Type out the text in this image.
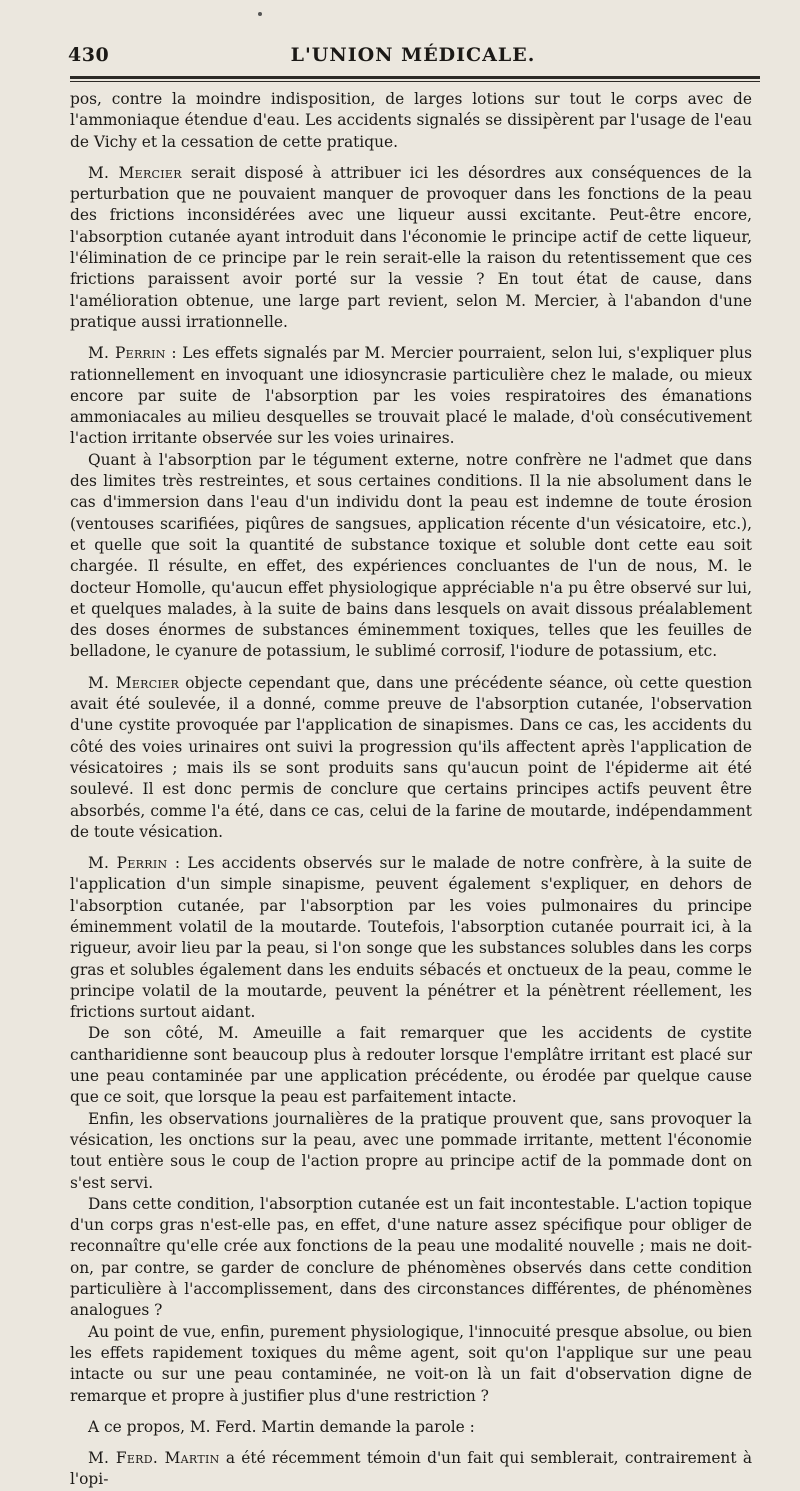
430	L'UNION MÉDICALE.

pos, contre la moindre indisposition, de larges lotions sur tout le corps avec de l'ammoniaque étendue d'eau. Les accidents signalés se dissipèrent par l'usage de l'eau de Vichy et la cessation de cette pratique.

M. Mercier serait disposé à attribuer ici les désordres aux conséquences de la perturbation que ne pouvaient manquer de provoquer dans les fonctions de la peau des frictions inconsidérées avec une liqueur aussi excitante. Peut-être encore, l'absorption cutanée ayant introduit dans l'économie le principe actif de cette liqueur, l'élimination de ce principe par le rein serait-elle la raison du retentissement que ces frictions paraissent avoir porté sur la vessie ? En tout état de cause, dans l'amélioration obtenue, une large part revient, selon M. Mercier, à l'abandon d'une pratique aussi irrationnelle.

M. Perrin : Les effets signalés par M. Mercier pourraient, selon lui, s'expliquer plus rationnellement en invoquant une idiosyncrasie particulière chez le malade, ou mieux encore par suite de l'absorption par les voies respiratoires des émanations ammoniacales au milieu desquelles se trouvait placé le malade, d'où consécutivement l'action irritante observée sur les voies urinaires.

Quant à l'absorption par le tégument externe, notre confrère ne l'admet que dans des limites très restreintes, et sous certaines conditions. Il la nie absolument dans le cas d'immersion dans l'eau d'un individu dont la peau est indemne de toute érosion (ventouses scarifiées, piqûres de sangsues, application récente d'un vésicatoire, etc.), et quelle que soit la quantité de substance toxique et soluble dont cette eau soit chargée. Il résulte, en effet, des expériences concluantes de l'un de nous, M. le docteur Homolle, qu'aucun effet physiologique appréciable n'a pu être observé sur lui, et quelques malades, à la suite de bains dans lesquels on avait dissous préalablement des doses énormes de substances éminemment toxiques, telles que les feuilles de belladone, le cyanure de potassium, le sublimé corrosif, l'iodure de potassium, etc.

M. Mercier objecte cependant que, dans une précédente séance, où cette question avait été soulevée, il a donné, comme preuve de l'absorption cutanée, l'observation d'une cystite provoquée par l'application de sinapismes. Dans ce cas, les accidents du côté des voies urinaires ont suivi la progression qu'ils affectent après l'application de vésicatoires ; mais ils se sont produits sans qu'aucun point de l'épiderme ait été soulevé. Il est donc permis de conclure que certains principes actifs peuvent être absorbés, comme l'a été, dans ce cas, celui de la farine de moutarde, indépendamment de toute vésication.

M. Perrin : Les accidents observés sur le malade de notre confrère, à la suite de l'application d'un simple sinapisme, peuvent également s'expliquer, en dehors de l'absorption cutanée, par l'absorption par les voies pulmonaires du principe éminemment volatil de la moutarde. Toutefois, l'absorption cutanée pourrait ici, à la rigueur, avoir lieu par la peau, si l'on songe que les substances solubles dans les corps gras et solubles également dans les enduits sébacés et onctueux de la peau, comme le principe volatil de la moutarde, peuvent la pénétrer et la pénètrent réellement, les frictions surtout aidant.

De son côté, M. Ameuille a fait remarquer que les accidents de cystite cantharidienne sont beaucoup plus à redouter lorsque l'emplâtre irritant est placé sur une peau contaminée par une application précédente, ou érodée par quelque cause que ce soit, que lorsque la peau est parfaitement intacte.

Enfin, les observations journalières de la pratique prouvent que, sans provoquer la vésication, les onctions sur la peau, avec une pommade irritante, mettent l'économie tout entière sous le coup de l'action propre au principe actif de la pommade dont on s'est servi.

Dans cette condition, l'absorption cutanée est un fait incontestable. L'action topique d'un corps gras n'est-elle pas, en effet, d'une nature assez spécifique pour obliger de reconnaître qu'elle crée aux fonctions de la peau une modalité nouvelle ; mais ne doit-on, par contre, se garder de conclure de phénomènes observés dans cette condition particulière à l'accomplissement, dans des circonstances différentes, de phénomènes analogues ?

Au point de vue, enfin, purement physiologique, l'innocuité presque absolue, ou bien les effets rapidement toxiques du même agent, soit qu'on l'applique sur une peau intacte ou sur une peau contaminée, ne voit-on là un fait d'observation digne de remarque et propre à justifier plus d'une restriction ?

A ce propos, M. Ferd. Martin demande la parole :

M. Ferd. Martin a été récemment témoin d'un fait qui semblerait, contrairement à l'opi-
